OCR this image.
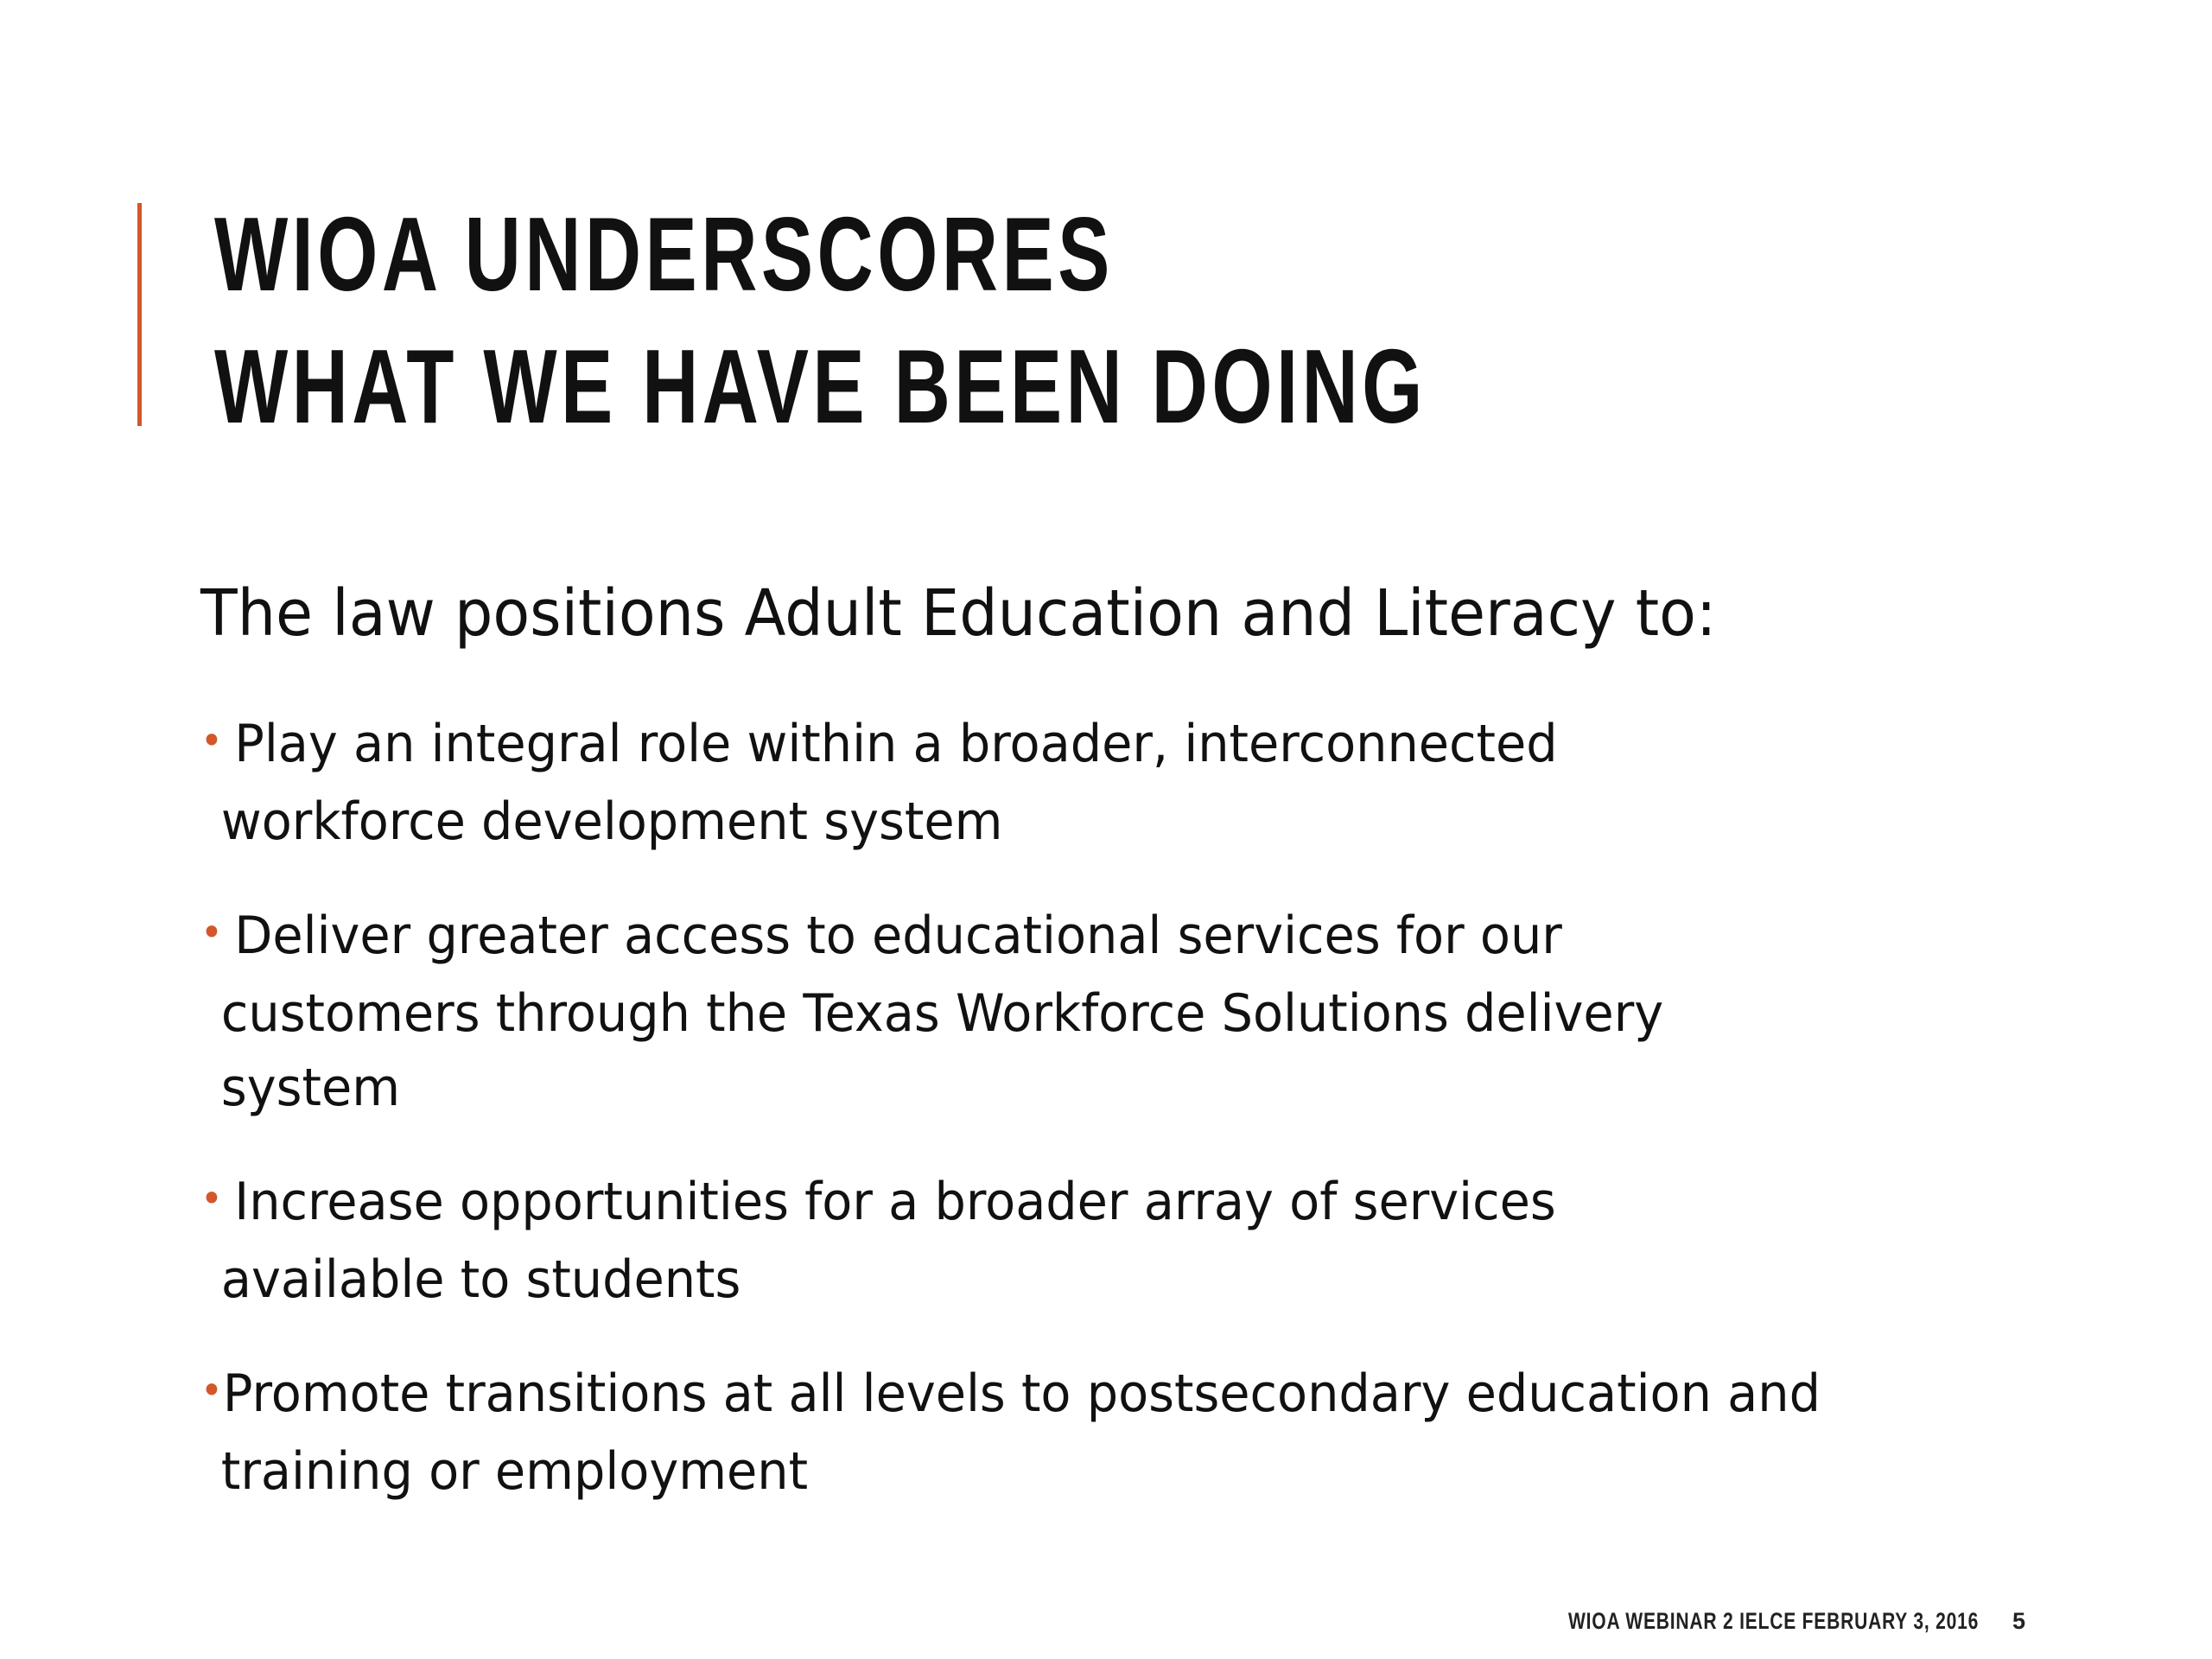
WIOA UNDERSCORES
WHAT WE HAVE BEEN DOING

The law positions Adult Education and Literacy to:

• Play an integral role within a broader, interconnected
workforce development system
• Deliver greater access to educational services for our
customers through the Texas Workforce Solutions delivery
system
• Increase opportunities for a broader array of services
available to students
•Promote transitions at all levels to postsecondary education and
training or employment
WIOA WEBINAR 2 IELCE FEBRUARY 3, 2016 5
